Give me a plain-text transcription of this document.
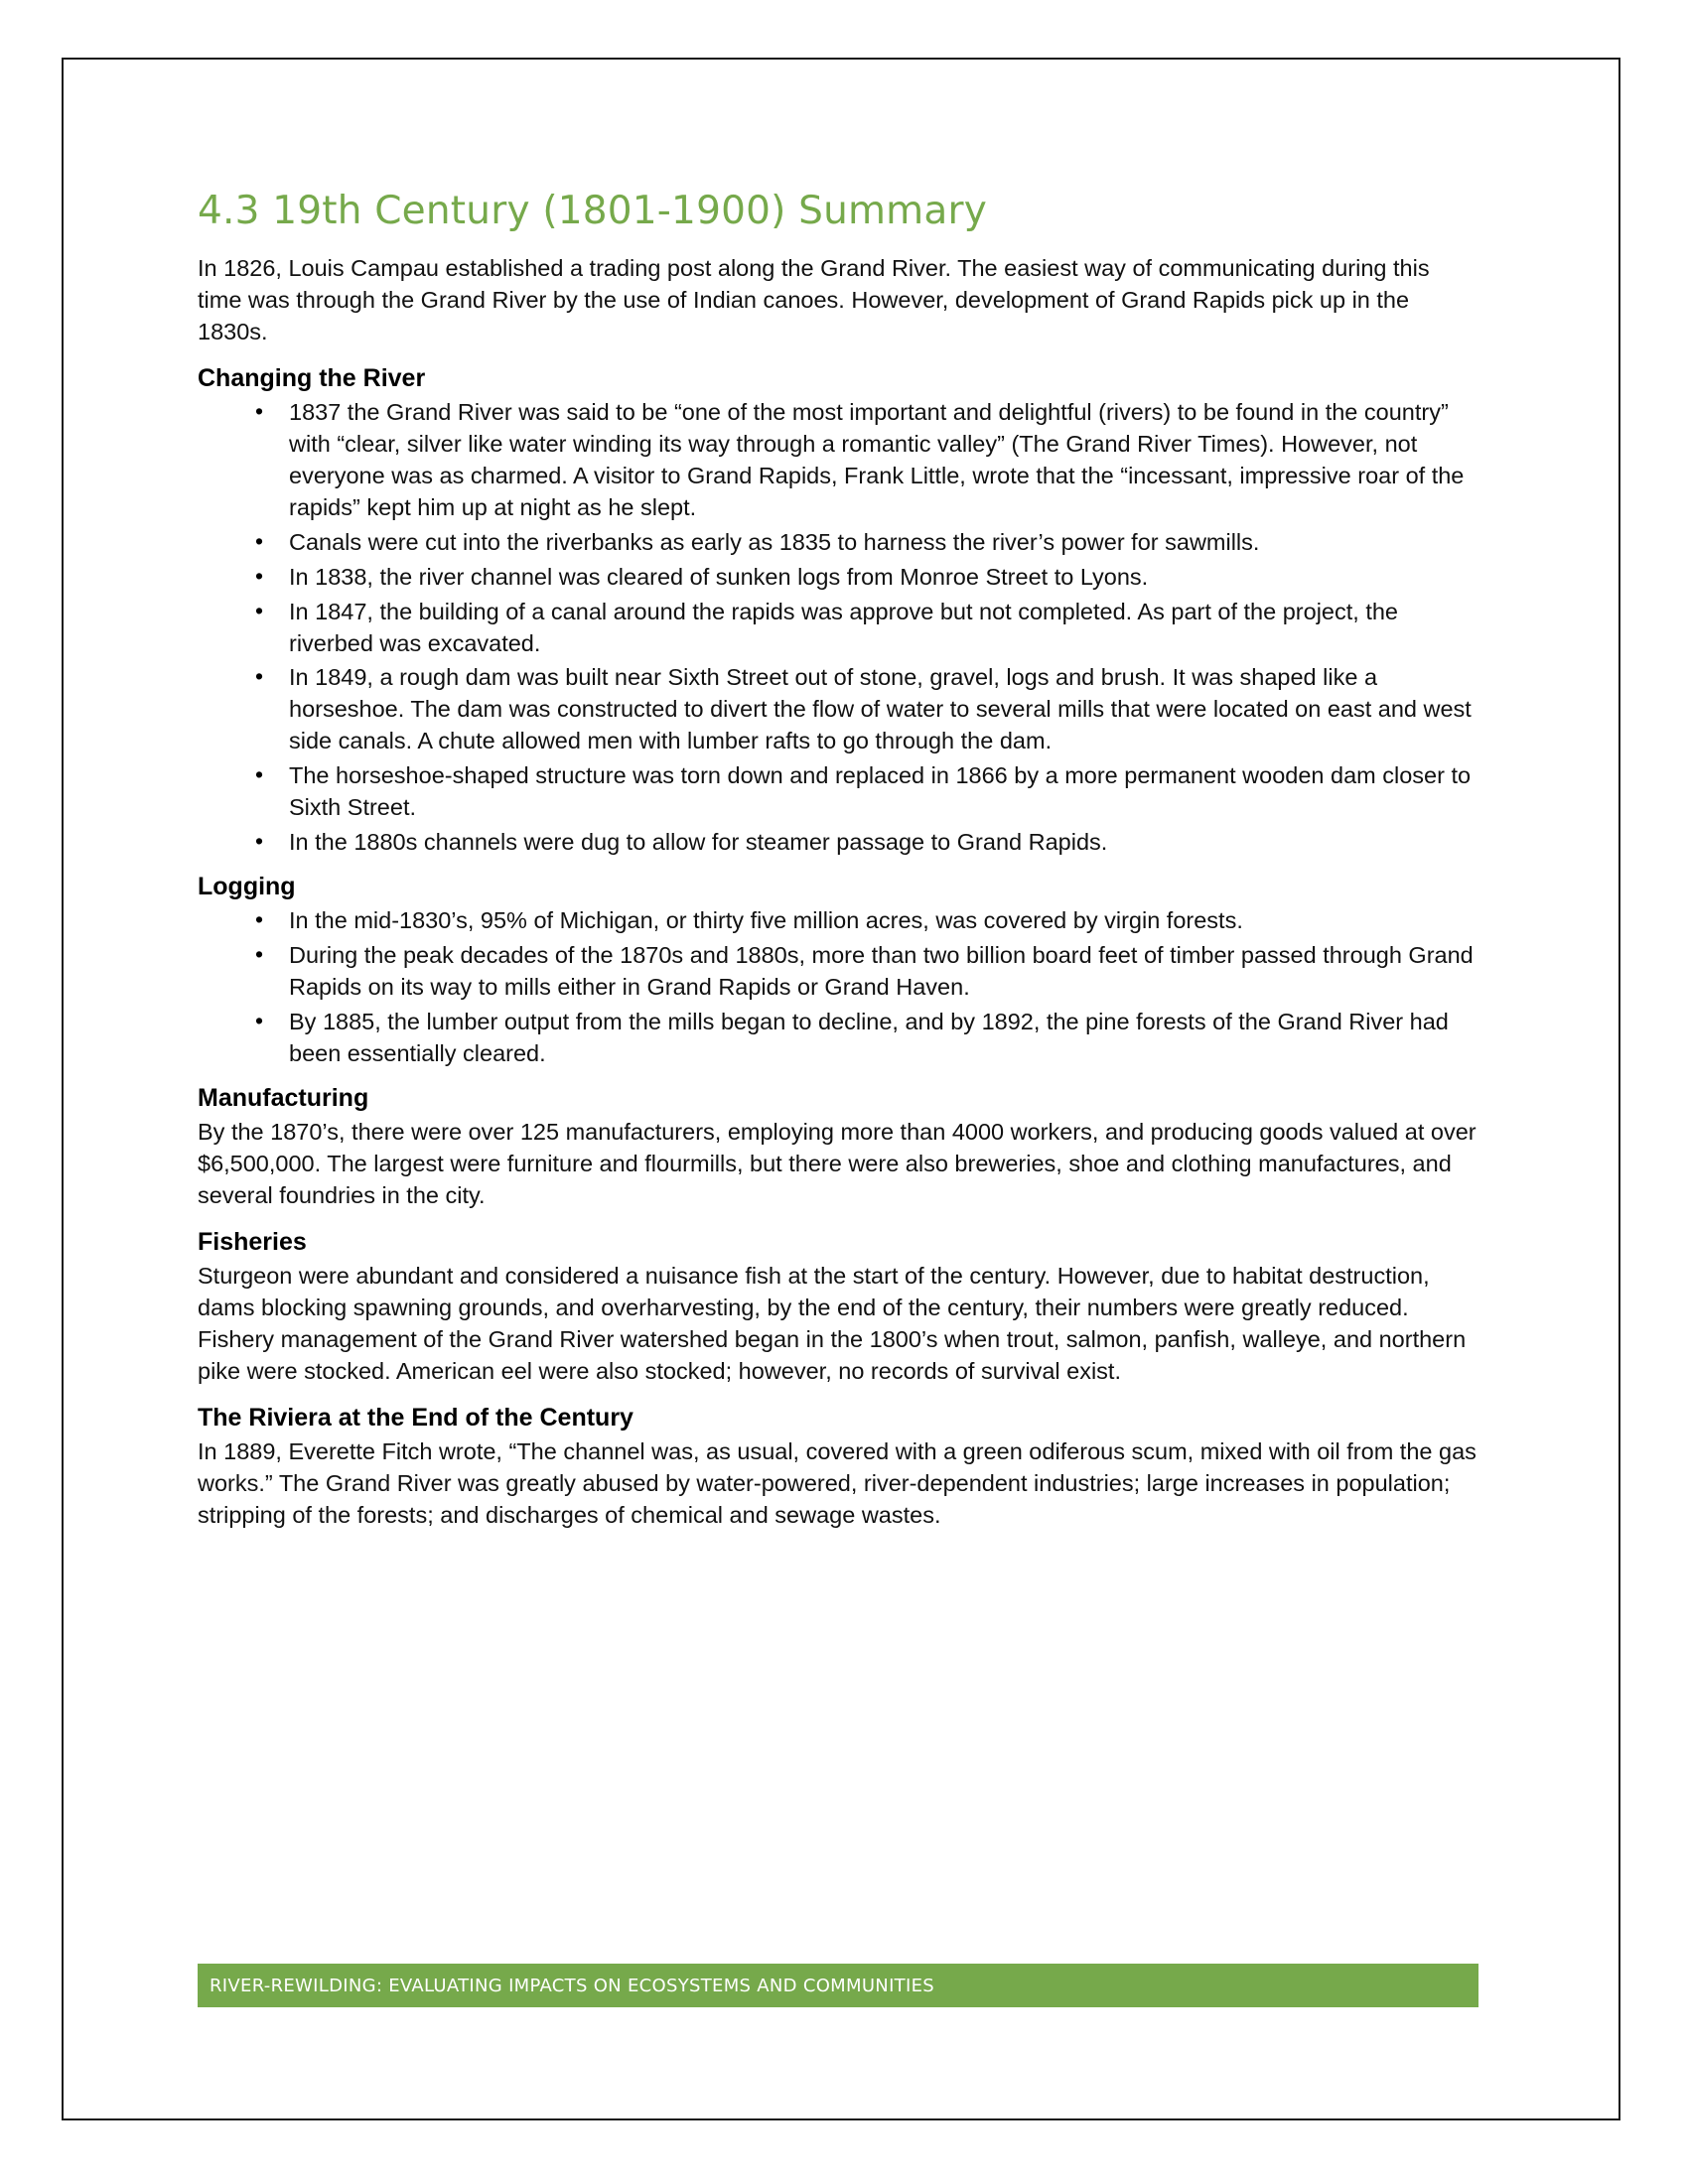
4.3 19th Century (1801-1900) Summary

In 1826, Louis Campau established a trading post along the Grand River. The easiest way of communicating during this time was through the Grand River by the use of Indian canoes. However, development of Grand Rapids pick up in the 1830s.

Changing the River
• 1837 the Grand River was said to be “one of the most important and delightful (rivers) to be found in the country” with “clear, silver like water winding its way through a romantic valley” (The Grand River Times). However, not everyone was as charmed. A visitor to Grand Rapids, Frank Little, wrote that the “incessant, impressive roar of the rapids” kept him up at night as he slept.
• Canals were cut into the riverbanks as early as 1835 to harness the river’s power for sawmills.
• In 1838, the river channel was cleared of sunken logs from Monroe Street to Lyons.
• In 1847, the building of a canal around the rapids was approve but not completed. As part of the project, the riverbed was excavated.
• In 1849, a rough dam was built near Sixth Street out of stone, gravel, logs and brush. It was shaped like a horseshoe. The dam was constructed to divert the flow of water to several mills that were located on east and west side canals. A chute allowed men with lumber rafts to go through the dam.
• The horseshoe-shaped structure was torn down and replaced in 1866 by a more permanent wooden dam closer to Sixth Street.
• In the 1880s channels were dug to allow for steamer passage to Grand Rapids.
Logging
• In the mid-1830’s, 95% of Michigan, or thirty five million acres, was covered by virgin forests.
• During the peak decades of the 1870s and 1880s, more than two billion board feet of timber passed through Grand Rapids on its way to mills either in Grand Rapids or Grand Haven.
• By 1885, the lumber output from the mills began to decline, and by 1892, the pine forests of the Grand River had been essentially cleared.
Manufacturing

By the 1870’s, there were over 125 manufacturers, employing more than 4000 workers, and producing goods valued at over $6,500,000. The largest were furniture and flourmills, but there were also breweries, shoe and clothing manufactures, and several foundries in the city.

Fisheries

Sturgeon were abundant and considered a nuisance fish at the start of the century. However, due to habitat destruction, dams blocking spawning grounds, and overharvesting, by the end of the century, their numbers were greatly reduced. Fishery management of the Grand River watershed began in the 1800’s when trout, salmon, panfish, walleye, and northern pike were stocked. American eel were also stocked; however, no records of survival exist.

The Riviera at the End of the Century

In 1889, Everette Fitch wrote, “The channel was, as usual, covered with a green odiferous scum, mixed with oil from the gas works.” The Grand River was greatly abused by water-powered, river-dependent industries; large increases in population; stripping of the forests; and discharges of chemical and sewage wastes.

RIVER-REWILDING: EVALUATING IMPACTS ON ECOSYSTEMS AND COMMUNITIES
